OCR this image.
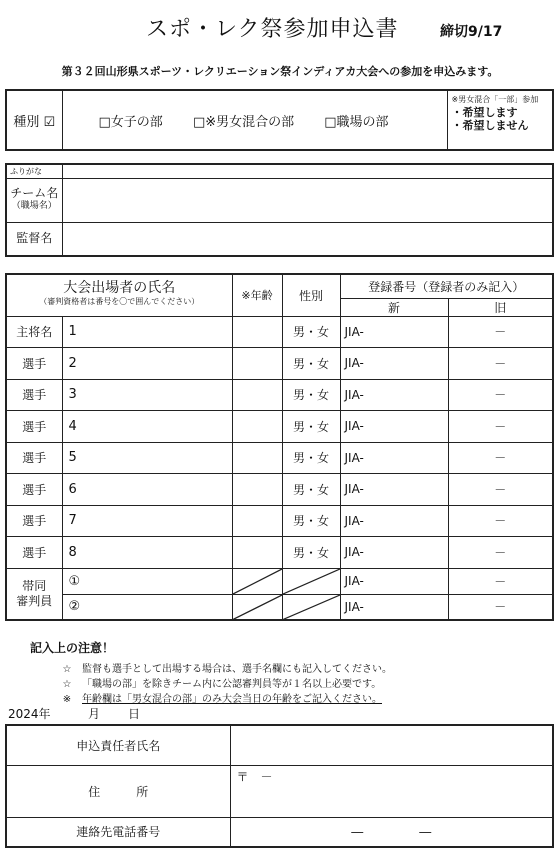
スポ・レク祭参加申込書	締切9/17
第３２回山形県スポーツ・レクリエーション祭インディアカ大会への参加を申込みます。
種別 ☑	□女子の部 □※男女混合の部 □職場の部	
※男女混合「一部」参加
・希望します
・希望しません
ふりがな	
チーム名
（職場名）	

監督名	
大会出場者の氏名
（審判資格者は番号を〇で囲んでください）		※年齢	性別	登録番号（登録者のみ記入）	
				新	旧
主将名	1		男・女	JIA-	－
選手	2		男・女	JIA-	－
選手	3		男・女	JIA-	－
選手	4		男・女	JIA-	－
選手	5		男・女	JIA-	－
選手	6		男・女	JIA-	－
選手	7		男・女	JIA-	－
選手	8		男・女	JIA-	－

帯同
審判員	①			JIA-	－
	②			JIA-	－
記入上の注意！
☆ 監督も選手として出場する場合は、選手名欄にも記入してください。
☆ 「職場の部」を除きチーム内に公認審判員等が１名以上必要です。
※ 年齢欄は「男女混合の部」のみ大会当日の年齢をご記入ください。
2024年	月 日
申込責任者氏名	
住　　　所	〒　－
連絡先電話番号	――
